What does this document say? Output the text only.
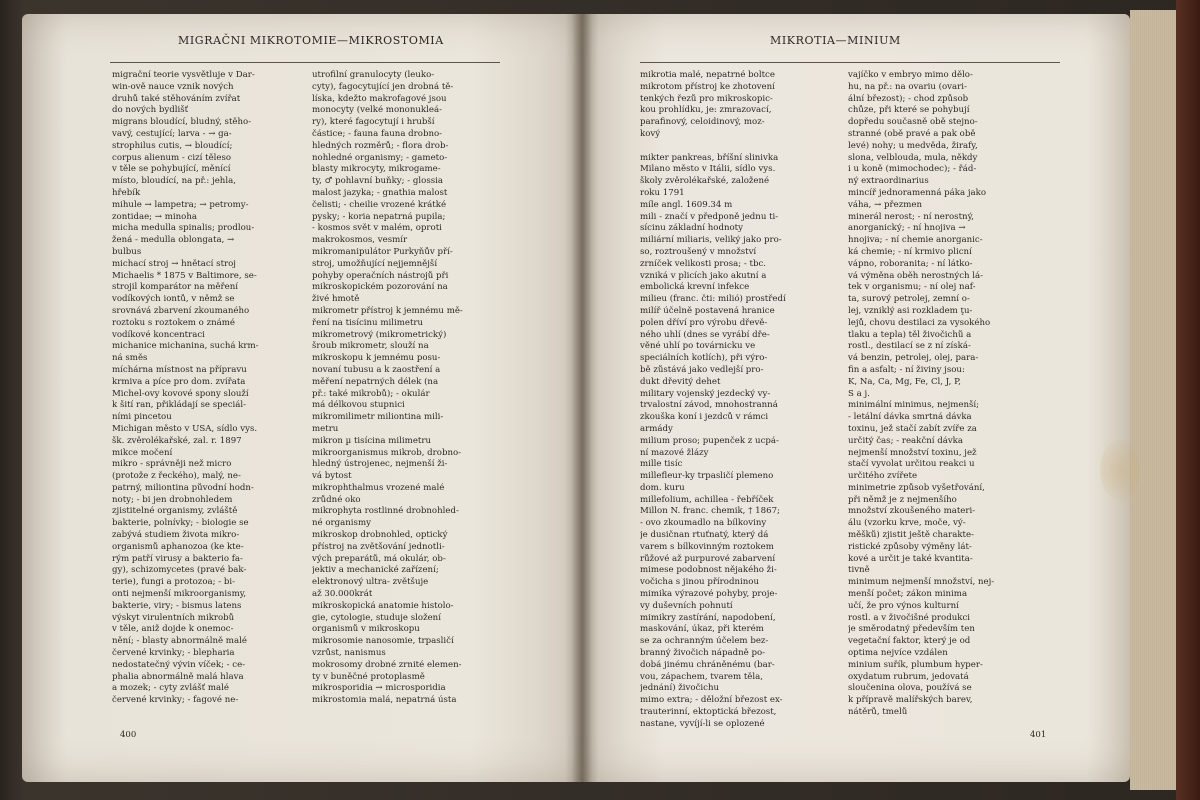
MIGRAČNI MIKROTOMIE—MIKROSTOMIA	MIKROTIA—MINIUM
migrační teorie vysvětluje v Dar-
win-ově nauce vznik nových
druhů také stěhováním zvířat
do nových bydlišť
migrans bloudící, bludný, stěho-
vavý, cestující; larva - → ga-
strophilus cutis, → bloudící;
corpus alienum - cizí těleso
v těle se pohybující, měnící
místo, bloudící, na př.: jehla,
hřebík
mihule → lampetra; → petromy-
zontidae; → minoha
micha medulla spinalis; prodlou-
žená - medulla oblongata, →
bulbus
michací stroj → hnětací stroj
Michaelis * 1875 v Baltimore, se-
strojil komparátor na měření
vodíkových iontů, v němž se
srovnává zbarvení zkoumaného
roztoku s roztokem o známé
vodíkové koncentraci
michanice michanina, suchá krm-
ná směs
míchárna místnost na přípravu
krmiva a píce pro dom. zvířata
Michel-ovy kovové spony slouží
k šití ran, přikládají se speciál-
ními pincetou
Michigan město v USA, sídlo vys.
šk. zvěrolékařské, zal. r. 1897
mikce močení
mikro - správněji než micro
(protože z řeckého), malý, ne-
patrný, miliontina původní hodn-
noty; - bi jen drobnohledem
zjistitelné organismy, zvláště
bakterie, polnívky; - biologie se
zabývá studiem života mikro-
organismů aphanozoa (ke kte-
rým patří virusy a bakterio fa-
gy), schizomycetes (pravé bak-
terie), fungi a protozoa; - bi-
onti nejmenší mikroorganismy,
bakterie, viry; - bismus latens
výskyt virulentních mikrobů
v těle, aniž dojde k onemoc-
nění; - blasty abnormálně malé
červené krvinky; - blepharia
nedostatečný vývin víček; - ce-
phalia abnormálně malá hlava
a mozek; - cyty zvlášť malé
červené krvinky; - fagové ne-
utrofilní granulocyty (leuko-
cyty), fagocytující jen drobná tě-
líska, kdežto makrofagové jsou
monocyty (velké mononukleá-
ry), které fagocytují i hrubší
částice; - fauna fauna drobno-
hledných rozměrů; - flora drob-
nohledné organismy; - gameto-
blasty mikrocyty, mikrogame-
ty, ♂ pohlavní buňky; - glossia
malost jazyka; - gnathia malost
čelisti; - cheilie vrozené krátké
pysky; - koria nepatrná pupila;
- kosmos svět v malém, oproti
makrokosmos, vesmír
mikromanipulátor Purkyňův pří-
stroj, umožňující nejjemnější
pohyby operačních nástrojů při
mikroskopickém pozorování na
živé hmotě
mikrometr přístroj k jemnému mě-
ření na tisícinu milimetru
mikrometrový (mikrometrický)
šroub mikrometr, slouží na
mikroskopu k jemnému posu-
novaní tubusu a k zaostření a
měření nepatrných délek (na
př.: také mikrobů); - okulár
má délkovou stupnici
mikromilimetr miliontina mili-
metru
mikron µ tisícina milimetru
mikroorganismus mikrob, drobno-
hledný ústrojenec, nejmenší ži-
vá bytost
mikrophthalmus vrozené malé
zrůdné oko
mikrophyta rostlinné drobnohled-
né organismy
mikroskop drobnohled, optický
přístroj na zvětšování jednotli-
vých preparátů, má okulár, ob-
jektiv a mechanické zařízení;
elektronový ultra- zvětšuje
až 30.000krát
mikroskopická anatomie histolo-
gie, cytologie, studuje složení
organismů v mikroskopu
mikrosomie nanosomie, trpasličí
vzrůst, nanismus
mokrosomy drobné zrnité elemen-
ty v buněčné protoplasmě
mikrosporidia → microsporidia
mikrostomia malá, nepatrná ústa
mikrotia malé, nepatrné boltce
mikrotom přístroj ke zhotovení
tenkých řezů pro mikroskopic-
kou prohlídku, je: zmrazovací,
parafinový, celoidinový, moz-
kový
mikter pankreas, bříšní slinivka
Milano město v Itálii, sídlo vys.
školy zvěrolékařské, založené
roku 1791
míle angl. 1609.34 m
mili - značí v předponě jednu ti-
sícinu základní hodnoty
miliární miliaris, veliký jako pro-
so, roztroušený v množství
zrníček velikosti prosa; - tbc.
vzniká v plicích jako akutní a
embolická krevní infekce
milieu (franc. čti: milió) prostředí
milíř účelně postavená hranice
polen dříví pro výrobu dřevě-
ného uhlí (dnes se vyrábí dře-
věné uhlí po továrnicku ve
speciálních kotlích), při výro-
bě zůstává jako vedlejší pro-
dukt dřevitý dehet
military vojenský jezdecký vy-
trvalostní závod, mnohostranná
zkouška koní i jezdců v rámci
armády
milium proso; pupenček z ucpá-
ní mazové žlázy
mille tisíc
millefleur-ky trpasličí plemeno
dom. kuru
millefolium, achillea - řebříček
Millon N. franc. chemik, † 1867;
- ovo zkoumadlo na bílkoviny
je dusičnan rtuťnatý, který dá
varem s bílkovinným roztokem
růžové až purpurové zabarvení
mimese podobnost nějakého ži-
vočicha s jinou přírodninou
mimika výrazové pohyby, proje-
vy duševních pohnutí
mimikry zastírání, napodobení,
maskování, úkaz, při kterém
se za ochranným účelem bez-
branný živočich nápadně po-
dobá jinému chráněnému (bar-
vou, zápachem, tvarem těla,
jednání) živočichu
mimo extra; - děložní březost ex-
trauterinní, ektoptická březost,
nastane, vyvíjí-li se oplozené
vajíčko v embryo mimo dělo-
hu, na př.: na ovariu (ovari-
ální březost); - chod způsob
chůze, při které se pohybují
dopředu současně obě stejno-
stranné (obě pravé a pak obě
levé) nohy; u medvěda, žirafy,
slona, velblouda, mula, někdy
i u koně (mimochodec); - řád-
ný extraordinarius
mincíř jednoramenná páka jako
váha, → přezmen
minerál nerost; - ní nerostný,
anorganický; - ní hnojiva →
hnojiva; - ní chemie anorganic-
ká chemie; - ní krmivo plicní
vápno, roboranita; - ní látko-
vá výměna oběh nerostných lá-
tek v organismu; - ní olej naf-
ta, surový petrolej, zemní o-
lej, vzniklý asi rozkladem ţu-
lejů, chovu destilaci za vysokého
tlaku a tepla) těl živočichů a
rostl., destilací se z ní získá-
vá benzin, petrolej, olej, para-
fin a asfalt; - ní živiny jsou:
K, Na, Ca, Mg, Fe, Cl, J, P,
S a j.
minimální minimus, nejmenší;
- letální dávka smrtná dávka
toxinu, jež stačí zabít zvíře za
určitý čas; - reakční dávka
nejmenší množství toxinu, jež
stačí vyvolat určitou reakci u
určitého zvířete
minimetrie způsob vyšetřování,
při němž je z nejmenšího
množství zkoušeného materi-
álu (vzorku krve, moče, vý-
měšků) zjistit ještě charakte-
ristické způsoby výměny lát-
kové a určit je také kvantita-
tivně
minimum nejmenší množství, nej-
menší počet; zákon minima
učí, že pro výnos kulturní
rostl. a v živočišné produkci
je směrodatný především ten
vegetační faktor, který je od
optima nejvíce vzdálen
minium suřík, plumbum hyper-
oxydatum rubrum, jedovatá
sloučenina olova, používá se
k přípravě malířských barev,
nátěrů, tmelů
400	401
